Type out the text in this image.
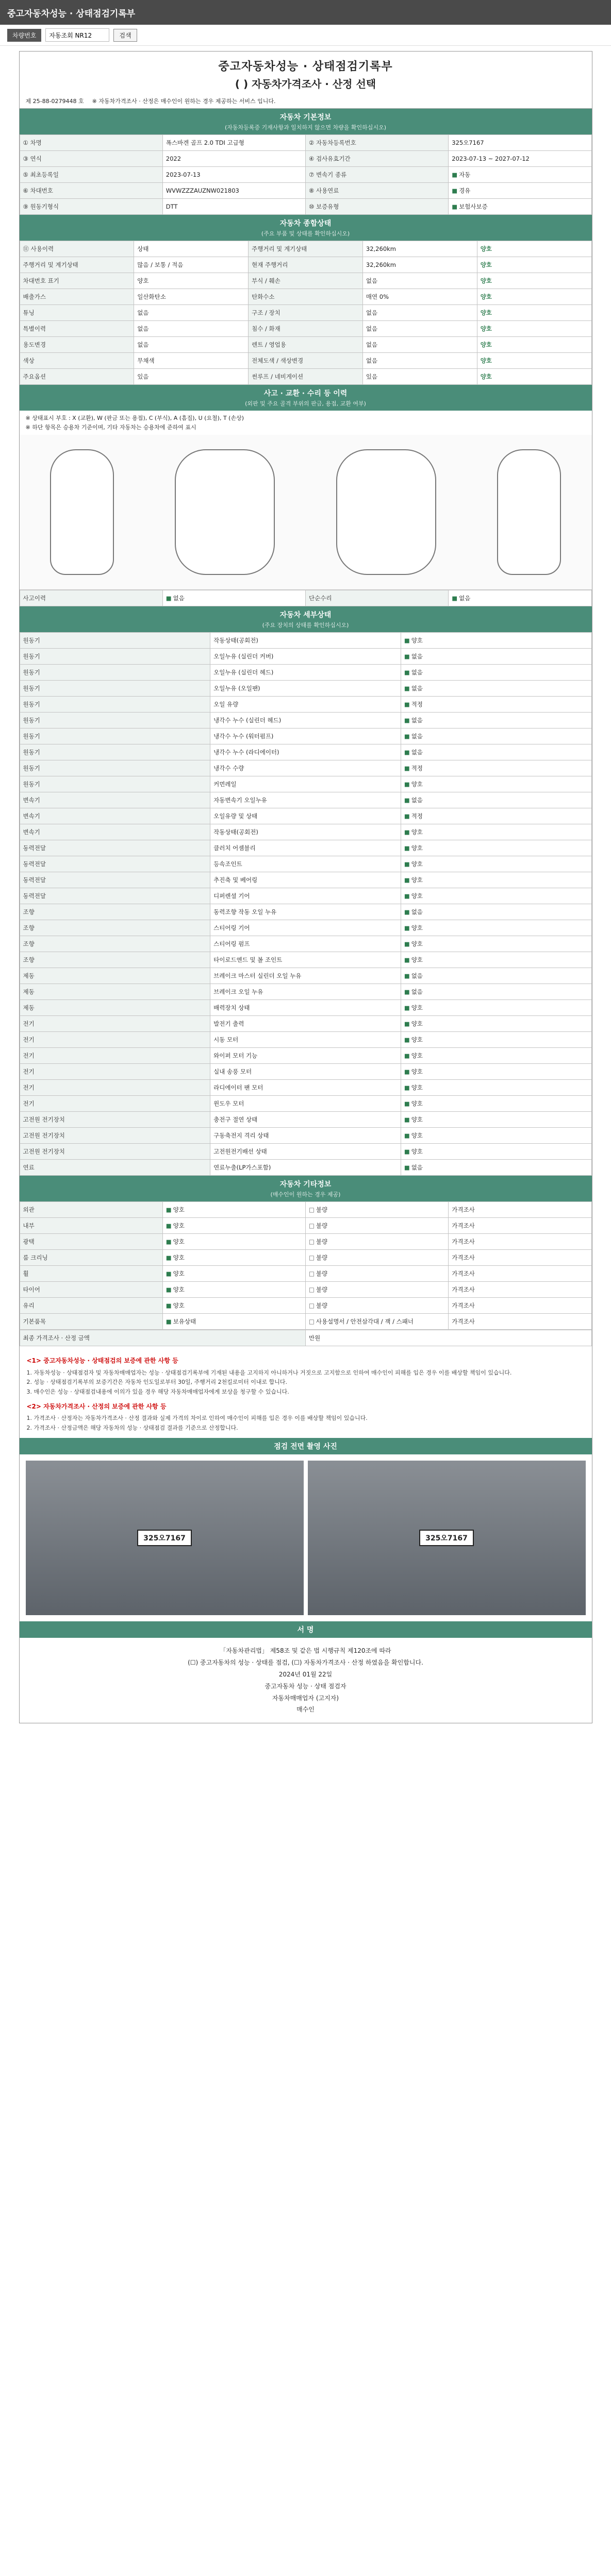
중고자동차성능 · 상태점검기록부
차량번호
자동조회 NR12	검색
중고자동차성능 · 상태점검기록부
( ) 자동차가격조사 · 산정 선택
제 25-88-0279448 호 ※ 자동차가격조사 · 산정은 매수인이 원하는 경우 제공하는 서비스 입니다.
자동차 기본정보
(자동차등록증 기재사항과 일치하지 않으면 차량을 확인하십시오)
① 차명	폭스바겐 골프 2.0 TDI 고급형	② 자동차등록번호	325오7167
③ 연식	2022	④ 검사유효기간	2023-07-13 ~ 2027-07-12
⑤ 최초등록일	2023-07-13	⑦ 변속기 종류	■ 자동
⑥ 차대번호	WVWZZZAUZNW021803	⑧ 사용연료	■ 경유
⑨ 원동기형식	DTT	⑩ 보증유형	■ 보험사보증
자동차 종합상태
(주요 부품 및 상태를 확인하십시오)
⑪ 사용이력	상태	주행거리 및 계기상태	32,260km	양호
주행거리 및 계기상태	많음 / 보통 / 적음	현재 주행거리	32,260km	양호
차대번호 표기	양호	부식 / 훼손	없음	양호
배출가스	일산화탄소	탄화수소	매연 0%	양호
튜닝	없음	구조 / 장치	없음	양호
특별이력	없음	침수 / 화재	없음	양호
용도변경	없음	렌트 / 영업용	없음	양호
색상	무채색	전체도색 / 색상변경	없음	양호
주요옵션	있음	썬루프 / 네비게이션	있음	양호
사고 · 교환 · 수리 등 이력
(외판 및 주요 골격 부위의 판금, 용접, 교환 여부)
※ 상태표시 부호 : X (교환), W (판금 또는 용접), C (부식), A (흠집), U (요철), T (손상)
※ 하단 항목은 승용차 기준이며, 기타 자동차는 승용차에 준하여 표시
사고이력	■없음	단순수리	■없음
자동차 세부상태
(주요 장치의 상태를 확인하십시오)
원동기	작동상태(공회전)	■ 양호
원동기	오일누유 (실린더 커버)	■ 없음
원동기	오일누유 (실린더 헤드)	■ 없음
원동기	오일누유 (오일팬)	■ 없음
원동기	오일 유량	■ 적정
원동기	냉각수 누수 (실린더 헤드)	■ 없음
원동기	냉각수 누수 (워터펌프)	■ 없음
원동기	냉각수 누수 (라디에이터)	■ 없음
원동기	냉각수 수량	■ 적정
원동기	커먼레일	■ 양호
변속기	자동변속기 오일누유	■ 없음
변속기	오일유량 및 상태	■ 적정
변속기	작동상태(공회전)	■ 양호
동력전달	클러치 어셈블리	■ 양호
동력전달	등속조인트	■ 양호
동력전달	추진축 및 베어링	■ 양호
동력전달	디퍼렌셜 기어	■ 양호
조향	동력조향 작동 오일 누유	■ 없음
조향	스티어링 기어	■ 양호
조향	스티어링 펌프	■ 양호
조향	타이로드엔드 및 볼 조인트	■ 양호
제동	브레이크 마스터 실린더 오일 누유	■ 없음
제동	브레이크 오일 누유	■ 없음
제동	배력장치 상태	■ 양호
전기	발전기 출력	■ 양호
전기	시동 모터	■ 양호
전기	와이퍼 모터 기능	■ 양호
전기	실내 송풍 모터	■ 양호
전기	라디에이터 팬 모터	■ 양호
전기	윈도우 모터	■ 양호
고전원 전기장치	충전구 절연 상태	■ 양호
고전원 전기장치	구동축전지 격리 상태	■ 양호
고전원 전기장치	고전원전기배선 상태	■ 양호
연료	연료누출(LP가스포함)	■ 없음
자동차 기타정보
(매수인이 원하는 경우 제공)
외관	■ 양호	□ 불량	가격조사
내부	■ 양호	□ 불량	가격조사
광택	■ 양호	□ 불량	가격조사
룸 크리닝	■ 양호	□ 불량	가격조사
휠	■ 양호	□ 불량	가격조사
타이어	■ 양호	□ 불량	가격조사
유리	■ 양호	□ 불량	가격조사
기본품목	■ 보유상태	□ 사용설명서 / 안전삼각대 / 잭 / 스패너	가격조사
최종 가격조사 · 산정 금액	만원
<1> 중고자동차성능 · 상태점검의 보증에 관한 사항 등
1. 자동차성능 · 상태점검자 및 자동차매매업자는 성능 · 상태점검기록부에 기재된 내용을 고지하지 아니하거나 거짓으로 고지함으로 인하여 매수인이 피해를 입은 경우 이를 배상할 책임이 있습니다.
2. 성능 · 상태점검기록부의 보증기간은 자동차 인도일로부터 30일, 주행거리 2천킬로미터 이내로 합니다.
3. 매수인은 성능 · 상태점검내용에 이의가 있을 경우 해당 자동차매매업자에게 보상을 청구할 수 있습니다.
<2> 자동차가격조사 · 산정의 보증에 관한 사항 등
1. 가격조사 · 산정자는 자동차가격조사 · 산정 결과와 실제 가격의 차이로 인하여 매수인이 피해를 입은 경우 이를 배상할 책임이 있습니다.
2. 가격조사 · 산정금액은 해당 자동차의 성능 · 상태점검 결과를 기준으로 산정합니다.
점검 전면 촬영 사진
325오7167	325오7167
서 명
「자동차관리법」 제58조 및 같은 법 시행규칙 제120조에 따라
(☐) 중고자동차의 성능 · 상태를 점검, (☐) 자동차가격조사 · 산정 하였음을 확인합니다.
2024년 01월 22일
중고자동차 성능 · 상태 점검자
자동차매매업자 (고지자)
매수인
